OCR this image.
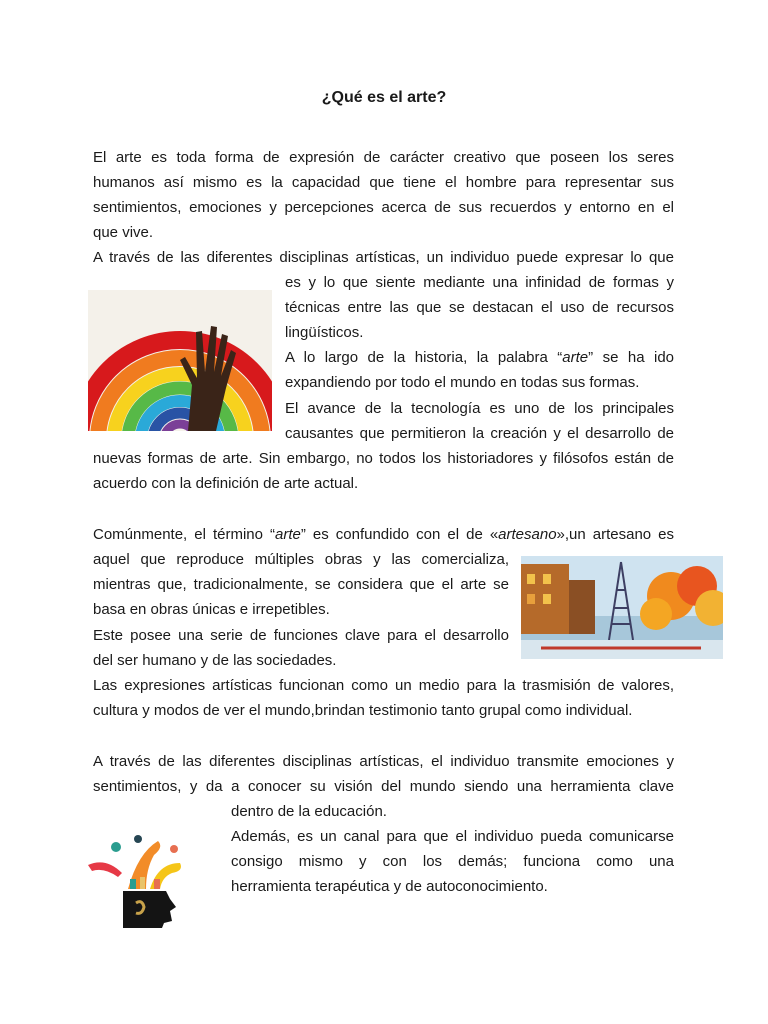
¿Qué es el arte?

El arte es toda forma de expresión de carácter creativo que poseen los seres

humanos así mismo es la capacidad que tiene el hombre para representar sus

sentimientos, emociones y percepciones acerca de sus recuerdos y entorno en el

que vive.

A través de las diferentes disciplinas artísticas, un individuo puede expresar lo que

es y lo que siente mediante una infinidad de formas y

técnicas entre las que se destacan el uso de recursos

lingüísticos.

A lo largo de la historia, la palabra “arte” se ha ido

expandiendo por todo el mundo en todas sus formas.

El avance de la tecnología es uno de los principales

causantes que permitieron la creación y el desarrollo de

nuevas formas de arte. Sin embargo, no todos los historiadores y filósofos están de

acuerdo con la definición de arte actual.

Comúnmente, el término “arte” es confundido con el de «artesano»,un artesano es

aquel que reproduce múltiples obras y las comercializa,

mientras que, tradicionalmente, se considera que el arte se

basa en obras únicas e irrepetibles.

Este posee una serie de funciones clave para el desarrollo

del ser humano y de las sociedades.

Las expresiones artísticas funcionan como un medio para la trasmisión de valores,

cultura y modos de ver el mundo,brindan testimonio tanto grupal como individual.

A través de las diferentes disciplinas artísticas, el individuo transmite emociones y

sentimientos, y da a conocer su visión del mundo siendo una herramienta clave

dentro de la educación.

Además, es un canal para que el individuo pueda comunicarse

consigo mismo y con los demás; funciona como una

herramienta terapéutica y de autoconocimiento.
